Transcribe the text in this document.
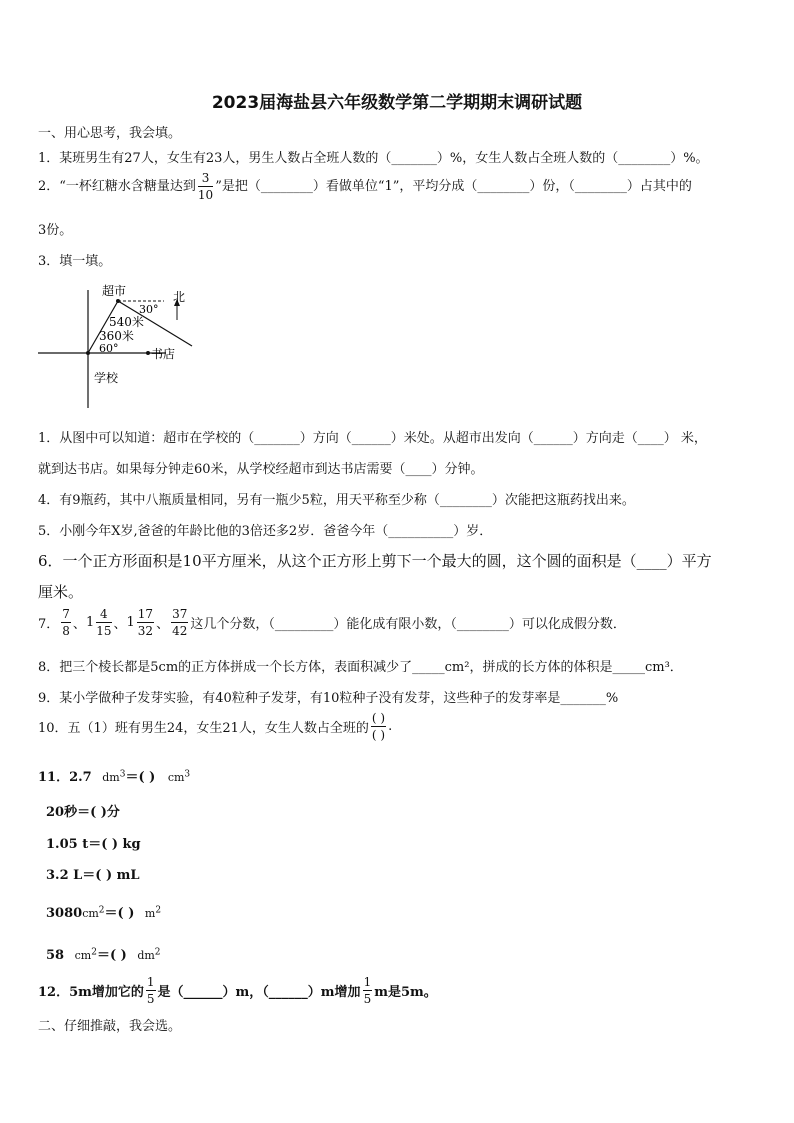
2023届海盐县六年级数学第二学期期末调研试题
一、用心思考，我会填。
1．某班男生有27人，女生有23人，男生人数占全班人数的（_______）%，女生人数占全班人数的（________）%。
2．“一杯红糖水含糖量达到 $\frac{3}{10}$ ”是把（________）看做单位“1”，平均分成（________）份，（________）占其中的
3份。
3．填一填。
超市	北
30°
540米
360米
60°	书店
学校
1．从图中可以知道：超市在学校的（_______）方向（______）米处。从超市出发向（______）方向走（____） 米，
就到达书店。如果每分钟走60米，从学校经超市到达书店需要（____）分钟。
4．有9瓶药，其中八瓶质量相同，另有一瓶少5粒，用天平称至少称（________）次能把这瓶药找出来。
5．小刚今年X岁,爸爸的年龄比他的3倍还多2岁．爸爸今年（__________）岁．
6．一个正方形面积是10平方厘米，从这个正方形上剪下一个最大的圆，这个圆的面积是（____）平方
厘米。
7． $\frac{7}{8}$ 、 $1 \frac{4}{15}$ 、 $1 \frac{17}{32}$ 、 $\frac{37}{42}$ 这几个分数，（_________）能化成有限小数，（________）可以化成假分数．
8．把三个棱长都是5cm的正方体拼成一个长方体，表面积减少了_____cm²，拼成的长方体的体积是_____cm³．
9．某小学做种子发芽实验，有40粒种子发芽，有10粒种子没有发芽，这些种子的发芽率是_______%
10．五（1）班有男生24，女生21人，女生人数占全班的 $\frac{( )}{( )}$ .
11．2.7 $dm^3=$( ) $cm^3$
20秒＝( )分
1.05 t＝( ) kg
3.2 L＝( ) mL
$3080cm^2=$( ) $m^2$
58 $cm^2=$( ) $dm^2$
12．5m增加它的 $\frac{1}{5}$ 是（______）m，（______）m增加 $\frac{1}{5}$ m是5m。
二、仔细推敲，我会选。
